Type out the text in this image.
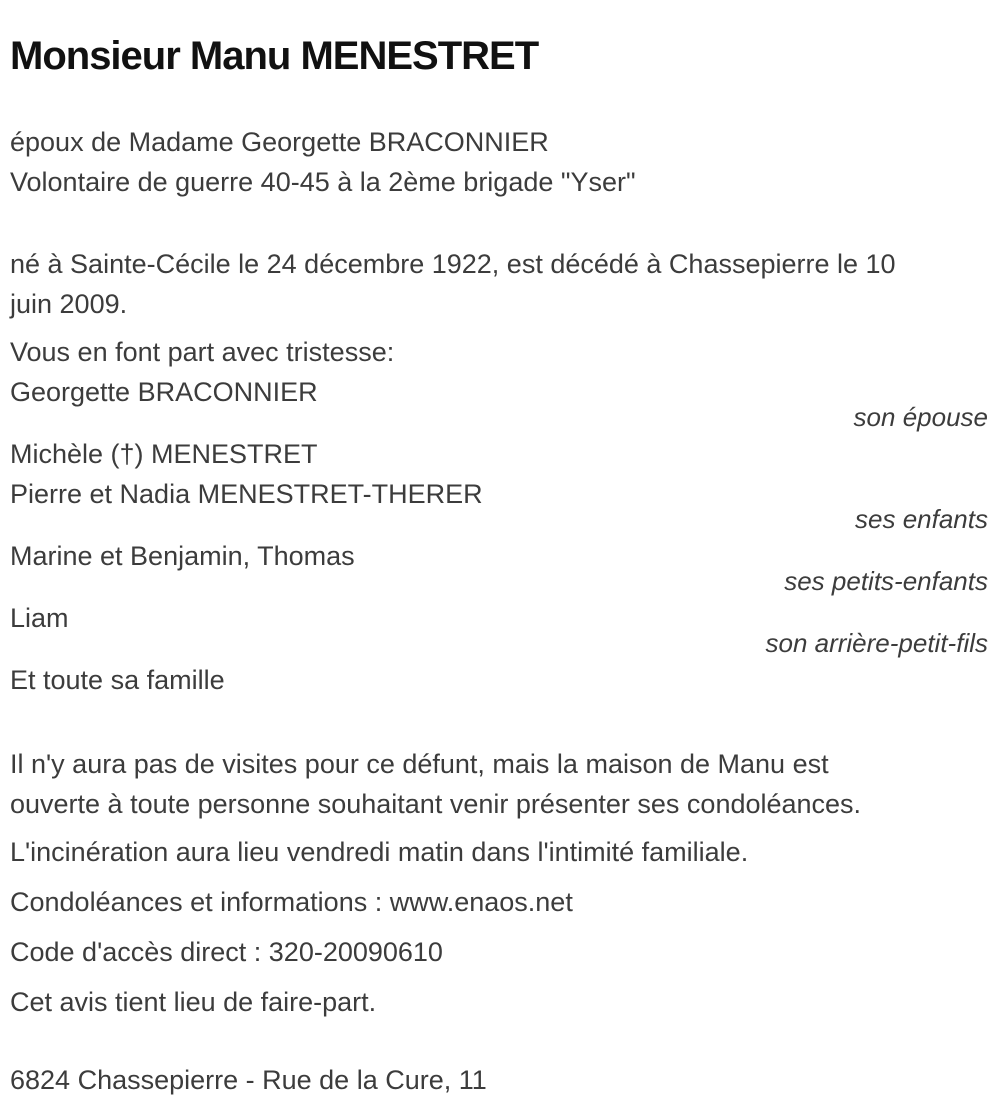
Monsieur Manu MENESTRET
époux de Madame Georgette BRACONNIER
Volontaire de guerre 40-45 à la 2ème brigade "Yser"
né à Sainte-Cécile le 24 décembre 1922, est décédé à Chassepierre le 10
juin 2009.
Vous en font part avec tristesse:
Georgette BRACONNIER
son épouse
Michèle (†) MENESTRET
Pierre et Nadia MENESTRET-THERER
ses enfants
Marine et Benjamin, Thomas
ses petits-enfants
Liam
son arrière-petit-fils
Et toute sa famille
Il n'y aura pas de visites pour ce défunt, mais la maison de Manu est
ouverte à toute personne souhaitant venir présenter ses condoléances.
L'incinération aura lieu vendredi matin dans l'intimité familiale.
Condoléances et informations : www.enaos.net
Code d'accès direct : 320-20090610
Cet avis tient lieu de faire-part.
6824 Chassepierre - Rue de la Cure, 11
